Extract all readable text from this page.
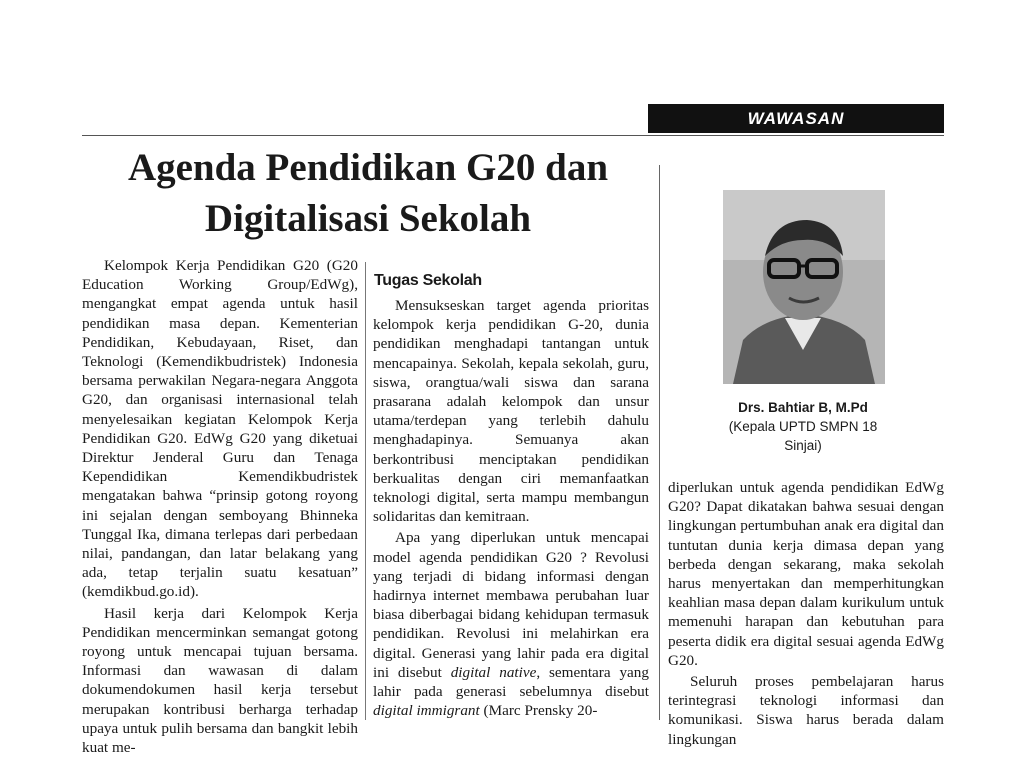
WAWASAN
Agenda Pendidikan G20 dan
Digitalisasi Sekolah

Kelompok Kerja Pendidikan G20 (G20 Education Working Group/EdWg), mengangkat empat agenda untuk hasil pendidikan masa depan. Kementerian Pendidikan, Kebudayaan, Riset, dan Teknologi (Kemendikbudristek) Indonesia bersama perwakilan Negara-negara Anggota G20, dan organisasi internasional telah menyelesaikan kegiatan Kelompok Kerja Pendidikan G20. EdWg G20 yang diketuai Direktur Jenderal Guru dan Tenaga Kependidikan Kemendikbudristek mengatakan bahwa “prinsip gotong royong ini sejalan dengan semboyang Bhinneka Tunggal Ika, dimana terlepas dari perbedaan nilai, pandangan, dan latar belakang yang ada, tetap terjalin suatu kesatuan” (kemdikbud.go.id).

Hasil kerja dari Kelompok Kerja Pendidikan mencerminkan semangat gotong royong untuk mencapai tujuan bersama. Informasi dan wawasan di dalam dokumendokumen hasil kerja tersebut merupakan kontribusi berharga terhadap upaya untuk pulih bersama dan bangkit lebih kuat me-

Tugas Sekolah

Mensukseskan target agenda prioritas kelompok kerja pendidikan G-20, dunia pendidikan menghadapi tantangan untuk mencapainya. Sekolah, kepala sekolah, guru, siswa, orangtua/wali siswa dan sarana prasarana adalah kelompok dan unsur utama/terdepan yang terlebih dahulu menghadapinya. Semuanya akan berkontribusi menciptakan pendidikan berkualitas dengan ciri memanfaatkan teknologi digital, serta mampu membangun solidaritas dan kemitraan.

Apa yang diperlukan untuk mencapai model agenda pendidikan G20 ? Revolusi yang terjadi di bidang informasi dengan hadirnya internet membawa perubahan luar biasa diberbagai bidang kehidupan termasuk pendidikan. Revolusi ini melahirkan era digital. Generasi yang lahir pada era digital ini disebut digital native, sementara yang lahir pada generasi sebelumnya disebut digital immigrant (Marc Prensky 20-

Drs. Bahtiar B, M.Pd
(Kepala UPTD SMPN 18
Sinjai)

diperlukan untuk agenda pendidikan EdWg G20? Dapat dikatakan bahwa sesuai dengan lingkungan pertumbuhan anak era digital dan tuntutan dunia kerja dimasa depan yang berbeda dengan sekarang, maka sekolah harus menyertakan dan memperhitungkan keahlian masa depan dalam kurikulum untuk memenuhi harapan dan kebutuhan para peserta didik era digital sesuai agenda EdWg G20.

Seluruh proses pembelajaran harus terintegrasi teknologi informasi dan komunikasi. Siswa harus berada dalam lingkungan
